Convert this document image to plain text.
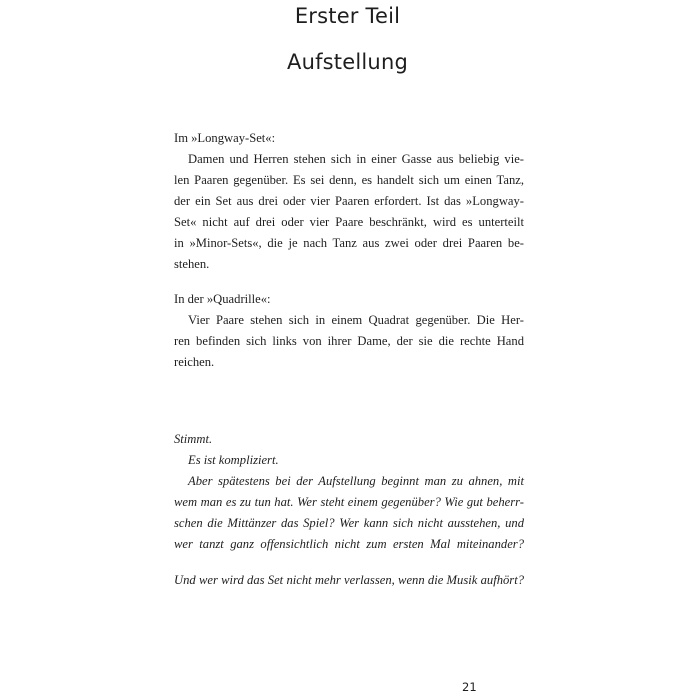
Erster Teil
Aufstellung
Im »Longway-Set«:
Damen und Herren stehen sich in einer Gasse aus beliebig vie-
len Paaren gegenüber. Es sei denn, es handelt sich um einen Tanz,
der ein Set aus drei oder vier Paaren erfordert. Ist das »Longway-
Set« nicht auf drei oder vier Paare beschränkt, wird es unterteilt
in »Minor-Sets«, die je nach Tanz aus zwei oder drei Paaren be-
stehen.
In der »Quadrille«:
Vier Paare stehen sich in einem Quadrat gegenüber. Die Her-
ren befinden sich links von ihrer Dame, der sie die rechte Hand
reichen.
Stimmt.
Es ist kompliziert.
Aber spätestens bei der Aufstellung beginnt man zu ahnen, mit
wem man es zu tun hat. Wer steht einem gegenüber? Wie gut beherr-
schen die Mittänzer das Spiel? Wer kann sich nicht ausstehen, und
wer tanzt ganz offensichtlich nicht zum ersten Mal miteinander?
Und wer wird das Set nicht mehr verlassen, wenn die Musik aufhört?
21
